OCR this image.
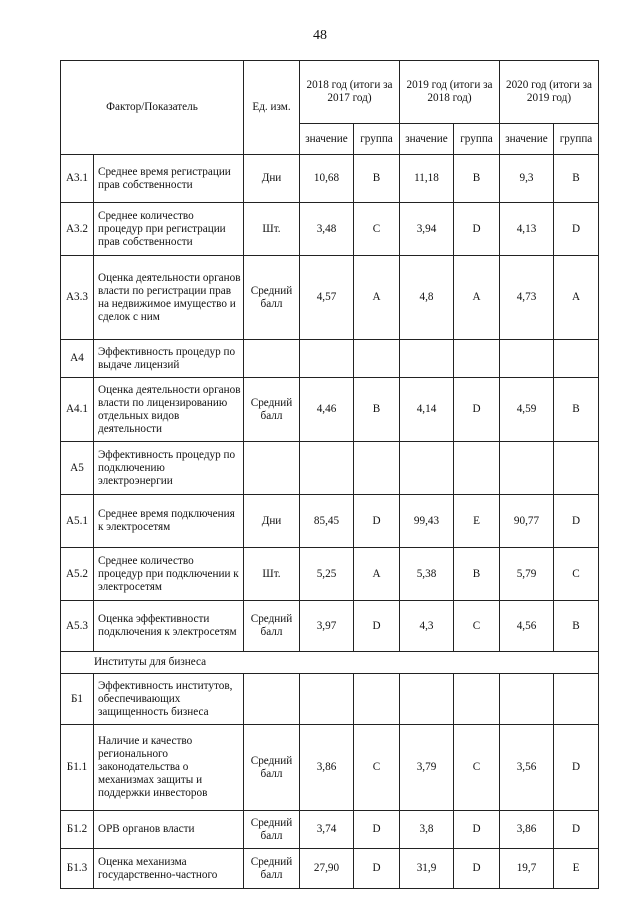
48
Фактор/Показатель		Ед. изм.	2018 год (итоги за 2017 год)		2019 год (итоги за 2018 год)		2020 год (итоги за 2019 год)	
			значение	группа	значение	группа	значение	группа
А3.1	Среднее время регистрации прав собственности	Дни	10,68	B	11,18	B	9,3	B
А3.2	Среднее количество процедур при регистрации прав собственности	Шт.	3,48	C	3,94	D	4,13	D
А3.3	Оценка деятельности органов власти по регистрации прав на недвижимое имущество и сделок с ним	Средний балл	4,57	A	4,8	A	4,73	A
А4	Эффективность процедур по выдаче лицензий							
А4.1	Оценка деятельности органов власти по лицензированию отдельных видов деятельности	Средний балл	4,46	B	4,14	D	4,59	B
А5	Эффективность процедур по подключению электроэнергии							
А5.1	Среднее время подключения к электросетям	Дни	85,45	D	99,43	E	90,77	D
А5.2	Среднее количество процедур при подключении к электросетям	Шт.	5,25	A	5,38	B	5,79	C
А5.3	Оценка эффективности подключения к электросетям	Средний балл	3,97	D	4,3	C	4,56	B
Институты для бизнеса								
Б1	Эффективность институтов, обеспечивающих защищенность бизнеса							
Б1.1	Наличие и качество регионального законодательства о механизмах защиты и поддержки инвесторов	Средний балл	3,86	C	3,79	C	3,56	D
Б1.2	ОРВ органов власти	Средний балл	3,74	D	3,8	D	3,86	D
Б1.3	Оценка механизма государственно-частного	Средний балл	27,90	D	31,9	D	19,7	E
